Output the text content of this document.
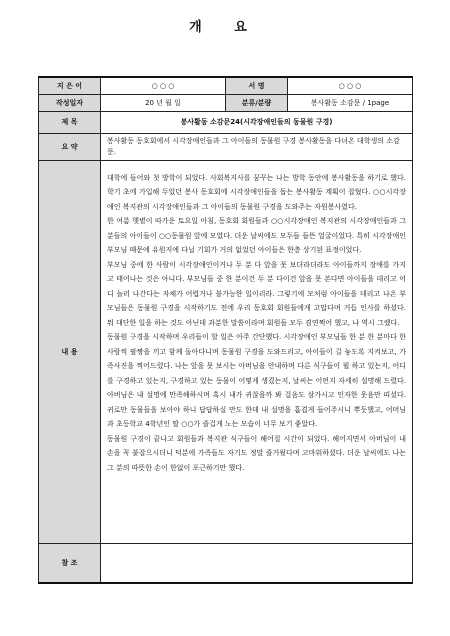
개 요
지 은 이	○ ○ ○	서 명	○ ○ ○
작성일자	20 년 월 일	분류/분량	봉사활동 소감문 / 1page
제 목	봉사활동 소감문24(시각장애인들의 동물원 구경)		
요 약	봉사활동 동호회에서 시각장애인들과 그 아이들의 동물원 구경 봉사활동을 다녀온 대학생의 소감문.		
내 용	대학에 들어와 첫 방학이 되었다. 사회복지사를 꿈꾸는 나는 방학 동안에 봉사활동을 하기로 했다. 학기 초에 가입해 두었던 봉사 동호회에 시각장애인들을 돕는 봉사활동 계획이 잡혔다. ○○시각장애인 복지관의 시각장애인들과 그 아이들의 동물원 구경을 도와주는 자원봉사였다.

한 여름 햇볕이 따가운 토요일 아침, 동호회 회원들과 ○○시각장애인 복지관의 시각장애인들과 그 분들의 아이들이 ○○동물원 앞에 모였다. 더운 날씨에도 모두들 들뜬 얼굴이었다. 특히 시각장애인 부모님 때문에 유원지에 다닐 기회가 거의 없었던 아이들은 한층 상기된 표정이었다.

부모님 중에 한 사람이 시각장애인이거나 두 분 다 앞을 못 보더라더라도 아이들까지 장애를 가지고 태어나는 것은 아니다. 부모님들 중 한 분이건 두 분 다이건 앞을 못 본다면 아이들을 데리고 어디 놀러 나간다는 자체가 어렵거나 불가능한 일이리라. 그렇기에 모처럼 아이들을 데리고 나온 부모님들은 동물원 구경을 시작하기도 전에 우리 동호회 회원들에게 고맙다며 거듭 인사를 하셨다. 뭐 대단한 일을 하는 것도 아닌데 과분한 말씀이라며 회원들 모두 겸연쩍어 했고, 나 역시 그랬다.

동물원 구경을 시작하며 우리들이 할 일은 아주 간단했다. 시각장애인 부모님들 한 분 한 분마다 한 사람씩 팔짱을 끼고 함께 돌아다니며 동물원 구경을 도와드리고, 아이들이 길 놓도록 지켜보고, 가족사진을 찍어드렸다. 나는 앞을 못 보시는 아버님을 안내하며 다른 식구들이 뭘 하고 있는지, 어디를 구경하고 있는지, 구경하고 있는 동물이 어떻게 생겼는지, 날씨는 어떤지 자세히 설명해 드렸다. 아버님은 내 설명에 만족해하시며 혹시 내가 귀찮을까 봐 걸음도 삼가시고 인자한 웃음만 띠셨다. 귀로만 동물들을 보아야 하니 답답하실 만도 한데 내 설명을 흡겹게 들어주시니 뿌듯했고, 어머님과 초등학교 4학년인 딸 ○○가 즐겁게 노는 모습이 너무 보기 좋았다.

동물원 구경이 끝나고 회원들과 복지관 식구들이 헤어질 시간이 되었다. 헤어지면서 아버님이 내 손을 꼭 붙잡으시더니 덕분에 가족들도 자기도 정말 즐거웠다며 고마워하셨다. 더운 날씨에도 나는 그 분의 따뜻한 손이 한없이 포근하기만 했다.		

참 조			
